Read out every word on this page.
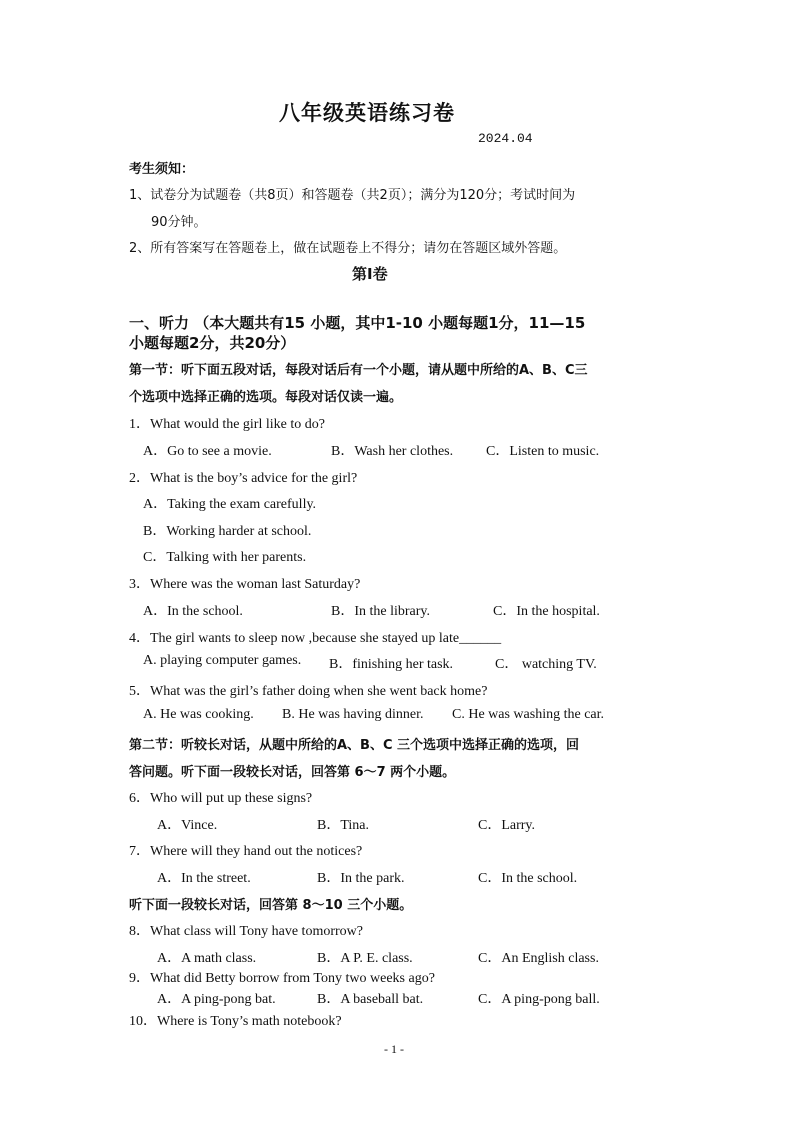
八年级英语练习卷
2024.04
考生须知：
1、试卷分为试题卷（共8页）和答题卷（共2页）；满分为120分；考试时间为
90分钟。
2、所有答案写在答题卷上，做在试题卷上不得分；请勿在答题区域外答题。
第Ⅰ卷
一、听力 （本大题共有15 小题，其中1-10 小题每题1分，11—15
小题每题2分，共20分）
第一节：听下面五段对话，每段对话后有一个小题，请从题中所给的A、B、C三
个选项中选择正确的选项。每段对话仅读一遍。
1．What would the girl like to do?
A．Go to see a movie.	B．Wash her clothes. C．Listen to music.
2．What is the boy’s advice for the girl?
A．Taking the exam carefully.
B．Working harder at school.
C．Talking with her parents.
3．Where was the woman last Saturday?
A．In the school.	B．In the library.	C．In the hospital.
4．The girl wants to sleep now ,because she stayed up late______
A. playing computer games. B．finishing her task.	C． watching TV.
5．What was the girl’s father doing when she went back home?
A. He was cooking. B. He was having dinner. C. He was washing the car.
第二节：听较长对话，从题中所给的A、B、C 三个选项中选择正确的选项，回
答问题。听下面一段较长对话，回答第 6～7 两个小题。
6．Who will put up these signs?
A．Vince.	B．Tina.	C．Larry.
7．Where will they hand out the notices?
A．In the street.	B．In the park.	C．In the school.
听下面一段较长对话，回答第 8～10 三个小题。
8．What class will Tony have tomorrow?
A．A math class.	B．A P. E. class.	C．An English class.
9．What did Betty borrow from Tony two weeks ago?
A．A ping-pong bat.	B．A baseball bat.	C．A ping-pong ball.
10．Where is Tony’s math notebook?
- 1 -
